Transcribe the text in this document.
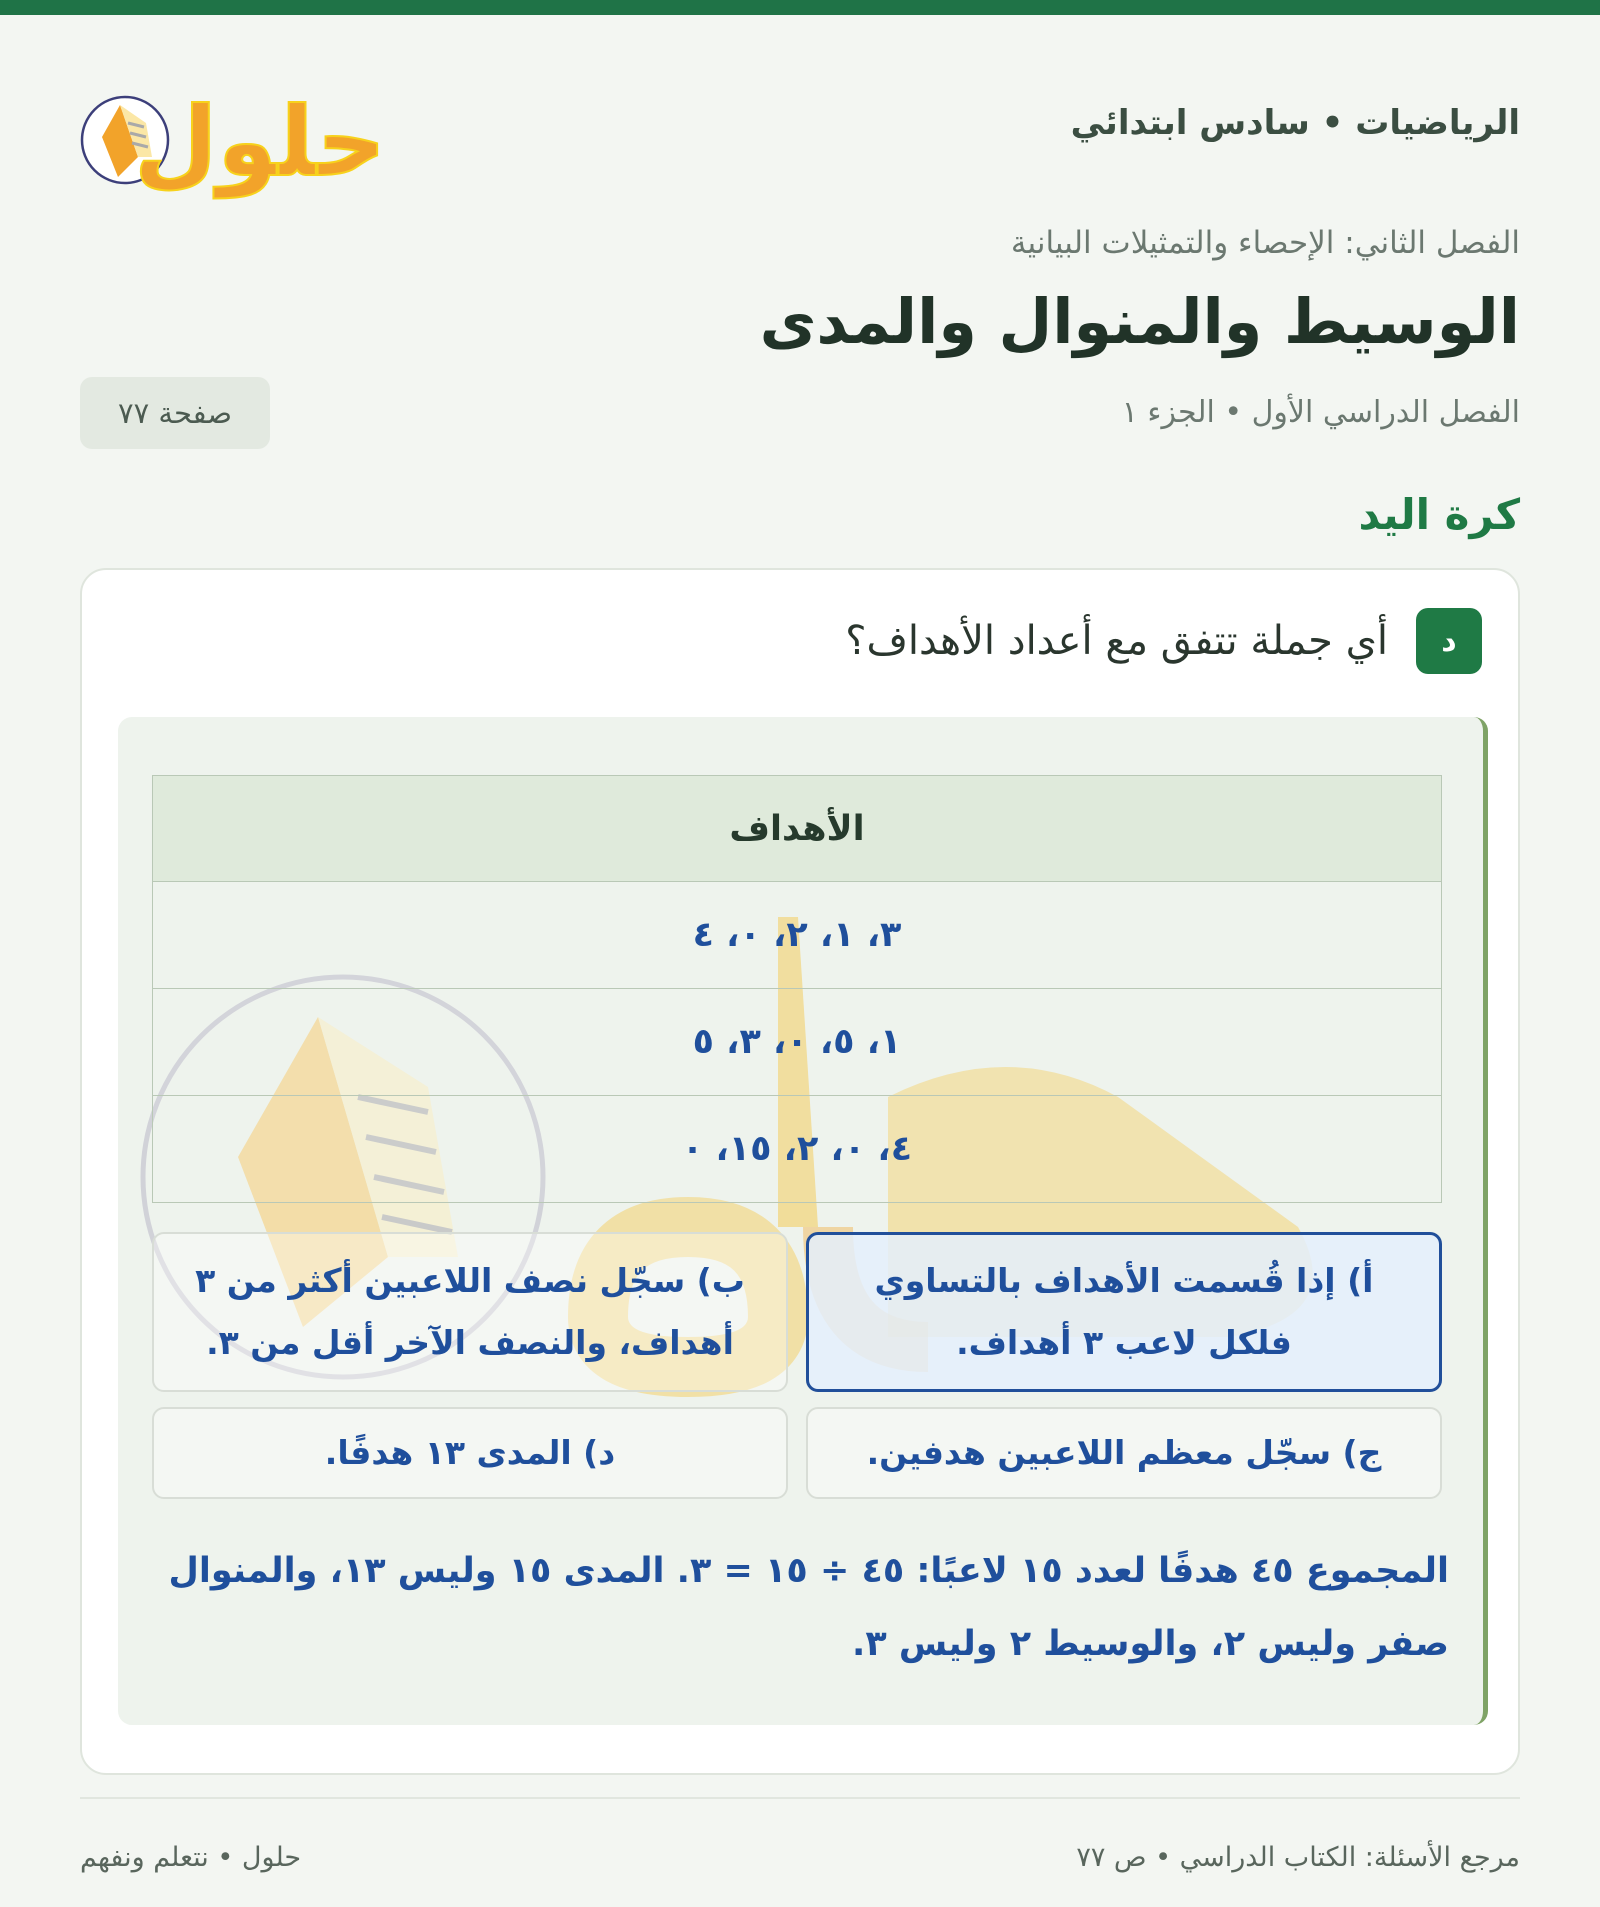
الرياضيات • سادس ابتدائي
حلول
الفصل الثاني: الإحصاء والتمثيلات البيانية
الوسيط والمنوال والمدى
الفصل الدراسي الأول • الجزء ١
صفحة ٧٧
كرة اليد
د
أي جملة تتفق مع أعداد الأهداف؟
الأهداف
٣، ١، ٢، ٠، ٤
١، ٥، ٠، ٣، ٥
٤، ٠، ٢، ١٥، ٠
أ) إذا قُسمت الأهداف بالتساوي فلكل لاعب ٣ أهداف.
ب) سجّل نصف اللاعبين أكثر من ٣ أهداف، والنصف الآخر أقل من ٣.
ج) سجّل معظم اللاعبين هدفين.
د) المدى ١٣ هدفًا.
المجموع ٤٥ هدفًا لعدد ١٥ لاعبًا: ٤٥ ÷ ١٥ = ٣. المدى ١٥ وليس ١٣، والمنوال صفر وليس ٢، والوسيط ٢ وليس ٣.
مرجع الأسئلة: الكتاب الدراسي • ص ٧٧
حلول • نتعلم ونفهم
